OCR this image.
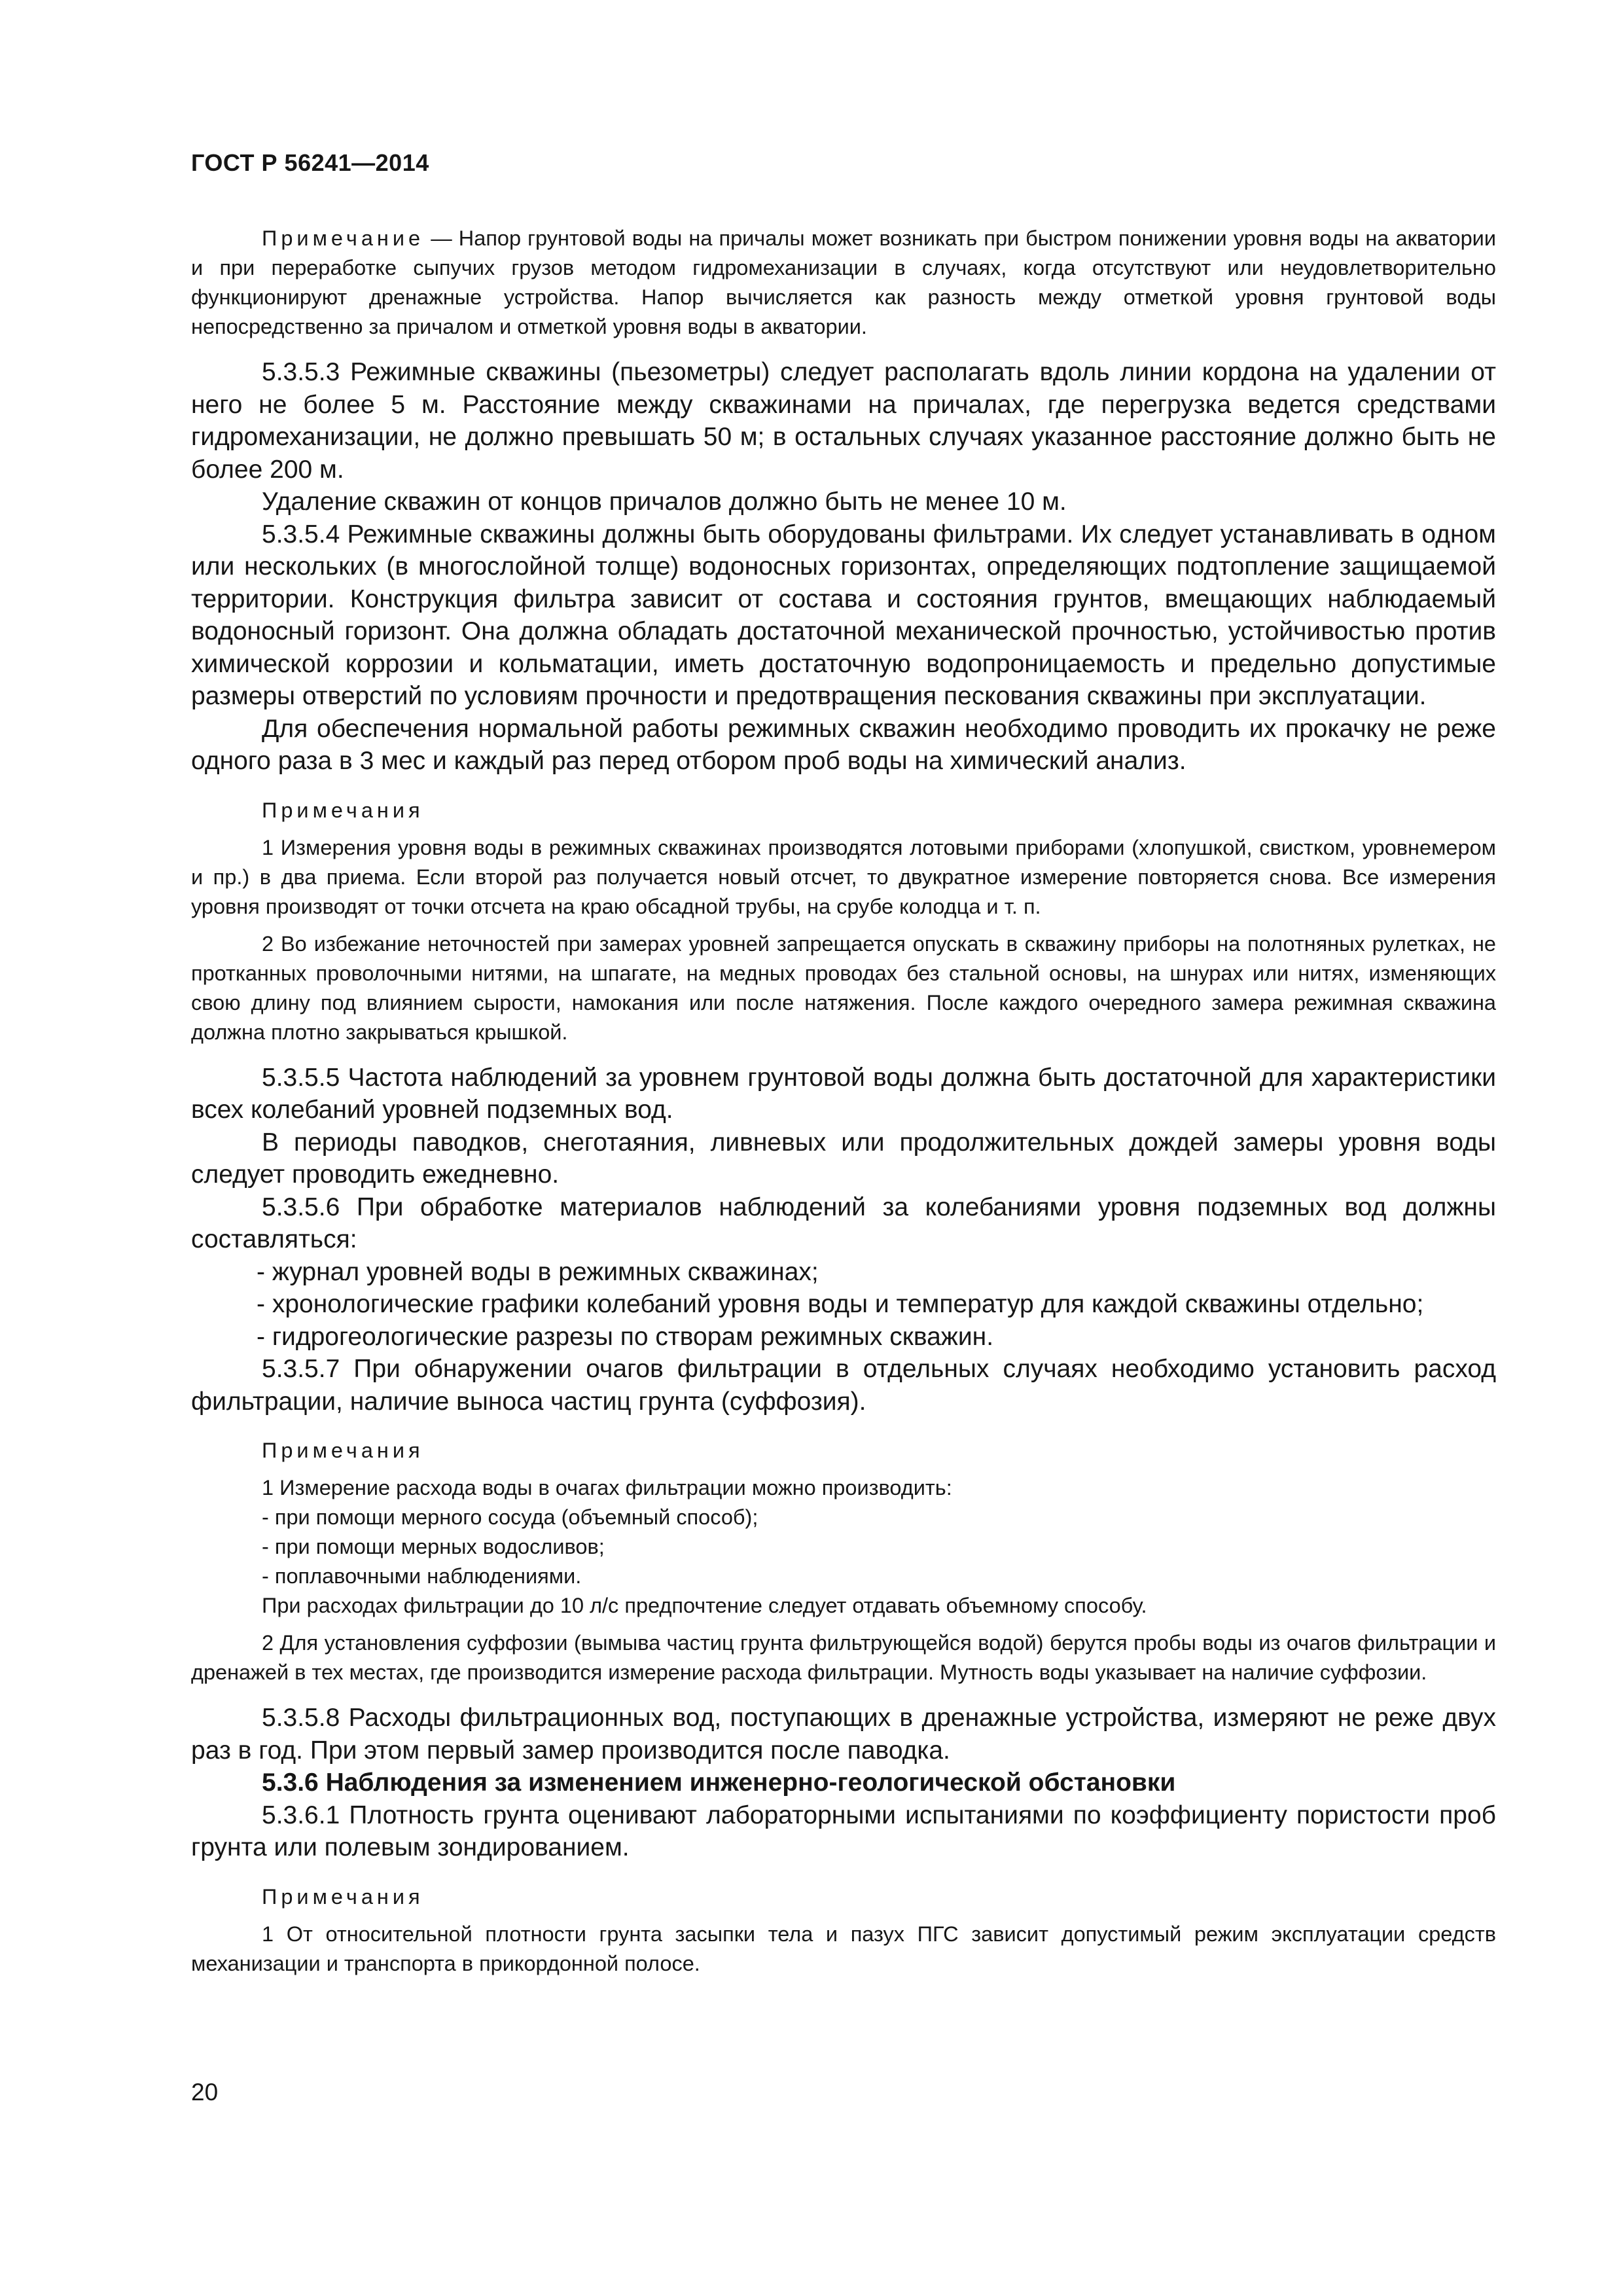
ГОСТ Р 56241—2014

Примечание — Напор грунтовой воды на причалы может возникать при быстром понижении уровня воды на акватории и при переработке сыпучих грузов методом гидромеханизации в случаях, когда отсутствуют или неудовлетворительно функционируют дренажные устройства. Напор вычисляется как разность между отметкой уровня грунтовой воды непосредственно за причалом и отметкой уровня воды в акватории.

5.3.5.3 Режимные скважины (пьезометры) следует располагать вдоль линии кордона на удалении от него не более 5 м. Расстояние между скважинами на причалах, где перегрузка ведется средствами гидромеханизации, не должно превышать 50 м; в остальных случаях указанное расстояние должно быть не более 200 м.

Удаление скважин от концов причалов должно быть не менее 10 м.

5.3.5.4 Режимные скважины должны быть оборудованы фильтрами. Их следует устанавливать в одном или нескольких (в многослойной толще) водоносных горизонтах, определяющих подтопление защищаемой территории. Конструкция фильтра зависит от состава и состояния грунтов, вмещающих наблюдаемый водоносный горизонт. Она должна обладать достаточной механической прочностью, устойчивостью против химической коррозии и кольматации, иметь достаточную водопроницаемость и предельно допустимые размеры отверстий по условиям прочности и предотвращения пескования скважины при эксплуатации.

Для обеспечения нормальной работы режимных скважин необходимо проводить их прокачку не реже одного раза в 3 мес и каждый раз перед отбором проб воды на химический анализ.

Примечания

1 Измерения уровня воды в режимных скважинах производятся лотовыми приборами (хлопушкой, свистком, уровнемером и пр.) в два приема. Если второй раз получается новый отсчет, то двукратное измерение повторяется снова. Все измерения уровня производят от точки отсчета на краю обсадной трубы, на срубе колодца и т. п.

2 Во избежание неточностей при замерах уровней запрещается опускать в скважину приборы на полотняных рулетках, не протканных проволочными нитями, на шпагате, на медных проводах без стальной основы, на шнурах или нитях, изменяющих свою длину под влиянием сырости, намокания или после натяжения. После каждого очередного замера режимная скважина должна плотно закрываться крышкой.

5.3.5.5 Частота наблюдений за уровнем грунтовой воды должна быть достаточной для характеристики всех колебаний уровней подземных вод.

В периоды паводков, снеготаяния, ливневых или продолжительных дождей замеры уровня воды следует проводить ежедневно.

5.3.5.6 При обработке материалов наблюдений за колебаниями уровня подземных вод должны составляться:

- журнал уровней воды в режимных скважинах;

- хронологические графики колебаний уровня воды и температур для каждой скважины отдельно;

- гидрогеологические разрезы по створам режимных скважин.

5.3.5.7 При обнаружении очагов фильтрации в отдельных случаях необходимо установить расход фильтрации, наличие выноса частиц грунта (суффозия).

Примечания

1 Измерение расхода воды в очагах фильтрации можно производить:

- при помощи мерного сосуда (объемный способ);

- при помощи мерных водосливов;

- поплавочными наблюдениями.

При расходах фильтрации до 10 л/с предпочтение следует отдавать объемному способу.

2 Для установления суффозии (вымыва частиц грунта фильтрующейся водой) берутся пробы воды из очагов фильтрации и дренажей в тех местах, где производится измерение расхода фильтрации. Мутность воды указывает на наличие суффозии.

5.3.5.8 Расходы фильтрационных вод, поступающих в дренажные устройства, измеряют не реже двух раз в год. При этом первый замер производится после паводка.

5.3.6 Наблюдения за изменением инженерно-геологической обстановки

5.3.6.1 Плотность грунта оценивают лабораторными испытаниями по коэффициенту пористости проб грунта или полевым зондированием.

Примечания

1 От относительной плотности грунта засыпки тела и пазух ПГС зависит допустимый режим эксплуатации средств механизации и транспорта в прикордонной полосе.

20
